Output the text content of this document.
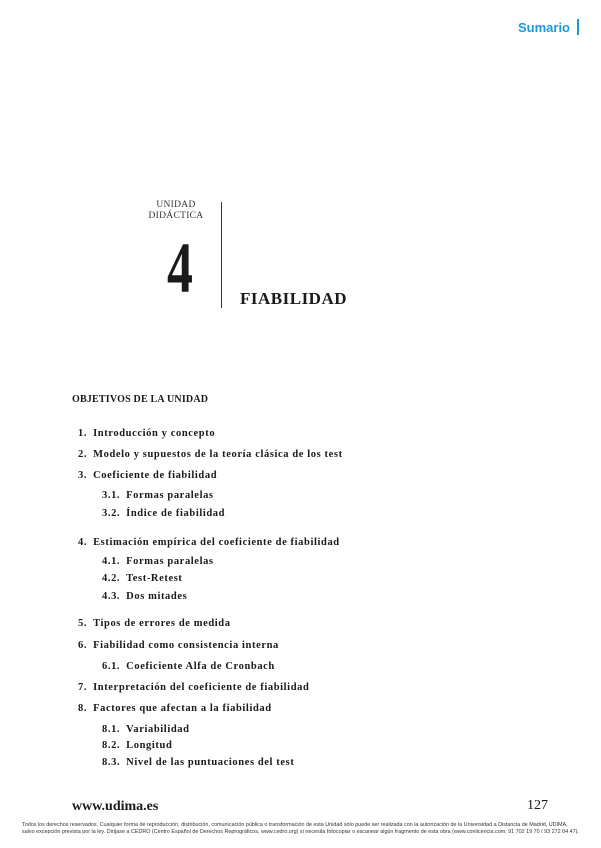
Sumario
UNIDAD
DIDÁCTICA
4	FIABILIDAD
OBJETIVOS DE LA UNIDAD
1. Introducción y concepto
2. Modelo y supuestos de la teoría clásica de los test
3. Coeficiente de fiabilidad
3.1. Formas paralelas
3.2. Índice de fiabilidad
4. Estimación empírica del coeficiente de fiabilidad
4.1. Formas paralelas
4.2. Test-Retest
4.3. Dos mitades
5. Tipos de errores de medida
6. Fiabilidad como consistencia interna
6.1. Coeficiente Alfa de Cronbach
7. Interpretación del coeficiente de fiabilidad
8. Factores que afectan a la fiabilidad
8.1. Variabilidad
8.2. Longitud
8.3. Nivel de las puntuaciones del test
www.udima.es	127
Todos los derechos reservados. Cualquier forma de reproducción, distribución, comunicación pública o transformación de esta Unidad sólo puede ser realizada con la autorización de la Universidad a Distancia de Madrid, UDIMA, salvo excepción prevista por la ley. Diríjase a CEDRO (Centro Español de Derechos Reprográficos, www.cedro.org) si necesita fotocopiar o escanear algún fragmento de esta obra (www.conlicencia.com; 91 702 19 70 / 93 272 04 47).
